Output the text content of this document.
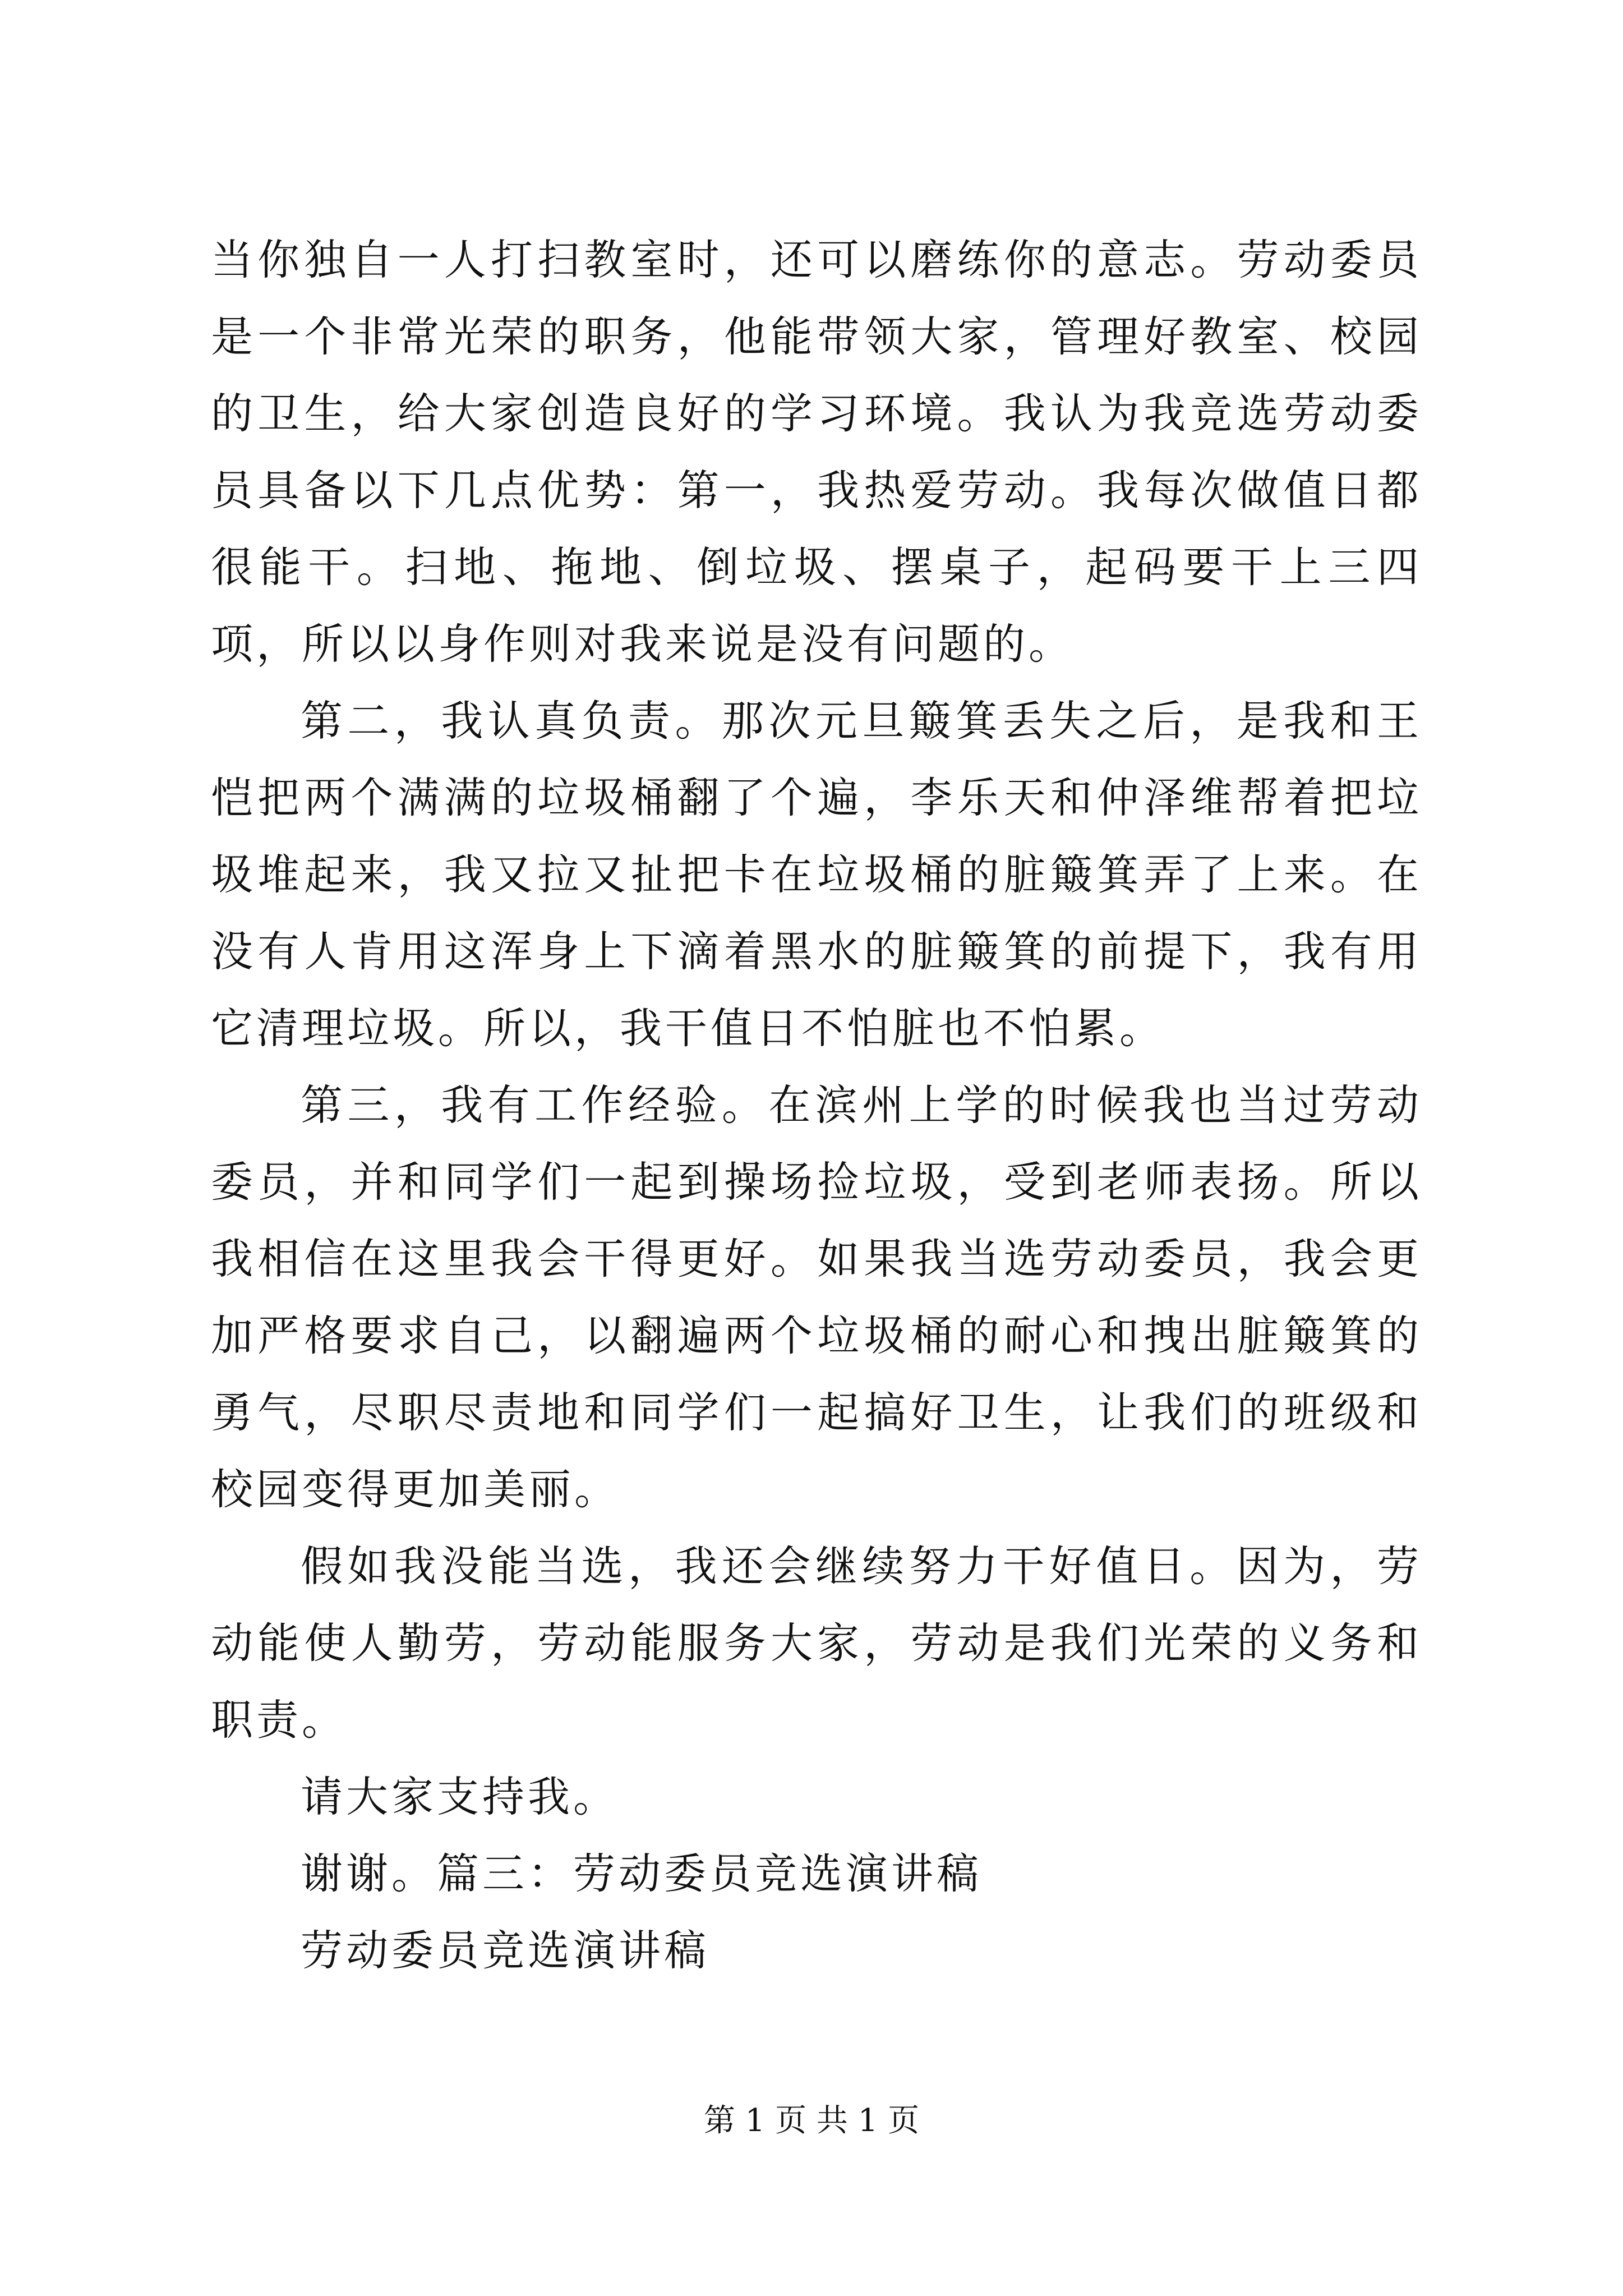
当你独自一人打扫教室时，还可以磨练你的意志。劳动委员是一个非常光荣的职务，他能带领大家，管理好教室、校园的卫生，给大家创造良好的学习环境。我认为我竞选劳动委员具备以下几点优势：第一，我热爱劳动。我每次做值日都很能干。扫地、拖地、倒垃圾、摆桌子，起码要干上三四项，所以以身作则对我来说是没有问题的。

第二，我认真负责。那次元旦簸箕丢失之后，是我和王恺把两个满满的垃圾桶翻了个遍，李乐天和仲泽维帮着把垃圾堆起来，我又拉又扯把卡在垃圾桶的脏簸箕弄了上来。在没有人肯用这浑身上下滴着黑水的脏簸箕的前提下，我有用它清理垃圾。所以，我干值日不怕脏也不怕累。

第三，我有工作经验。在滨州上学的时候我也当过劳动委员，并和同学们一起到操场捡垃圾，受到老师表扬。所以我相信在这里我会干得更好。如果我当选劳动委员，我会更加严格要求自己，以翻遍两个垃圾桶的耐心和拽出脏簸箕的勇气，尽职尽责地和同学们一起搞好卫生，让我们的班级和校园变得更加美丽。

假如我没能当选，我还会继续努力干好值日。因为，劳动能使人勤劳，劳动能服务大家，劳动是我们光荣的义务和职责。

请大家支持我。

谢谢。篇三：劳动委员竞选演讲稿

劳动委员竞选演讲稿

第 1 页 共 1 页
